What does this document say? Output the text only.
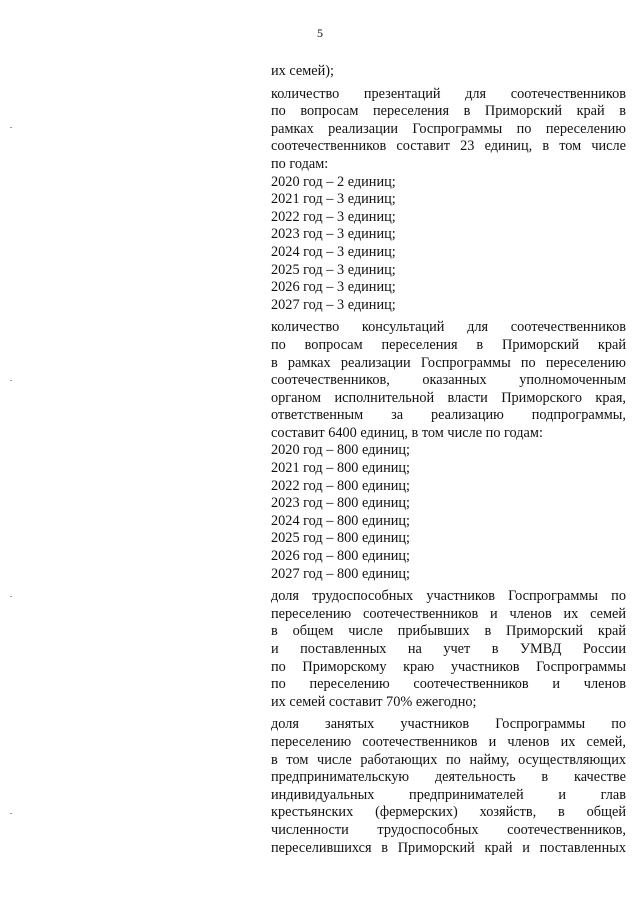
5
их семей);
количество презентаций для соотечественников
по вопросам переселения в Приморский край в
рамках реализации Госпрограммы по переселению
соотечественников составит 23 единиц, в том числе
по годам:
2020 год – 2 единиц;
2021 год – 3 единиц;
2022 год – 3 единиц;
2023 год – 3 единиц;
2024 год – 3 единиц;
2025 год – 3 единиц;
2026 год – 3 единиц;
2027 год – 3 единиц;
количество консультаций для соотечественников
по вопросам переселения в Приморский край
в рамках реализации Госпрограммы по переселению
соотечественников, оказанных уполномоченным
органом исполнительной власти Приморского края,
ответственным за реализацию подпрограммы,
составит 6400 единиц, в том числе по годам:
2020 год – 800 единиц;
2021 год – 800 единиц;
2022 год – 800 единиц;
2023 год – 800 единиц;
2024 год – 800 единиц;
2025 год – 800 единиц;
2026 год – 800 единиц;
2027 год – 800 единиц;
доля трудоспособных участников Госпрограммы по
переселению соотечественников и членов их семей
в общем числе прибывших в Приморский край
и поставленных на учет в УМВД России
по Приморскому краю участников Госпрограммы
по переселению соотечественников и членов
их семей составит 70% ежегодно;
доля занятых участников Госпрограммы по
переселению соотечественников и членов их семей,
в том числе работающих по найму, осуществляющих
предпринимательскую деятельность в качестве
индивидуальных предпринимателей и глав
крестьянских (фермерских) хозяйств, в общей
численности трудоспособных соотечественников,
переселившихся в Приморский край и поставленных
